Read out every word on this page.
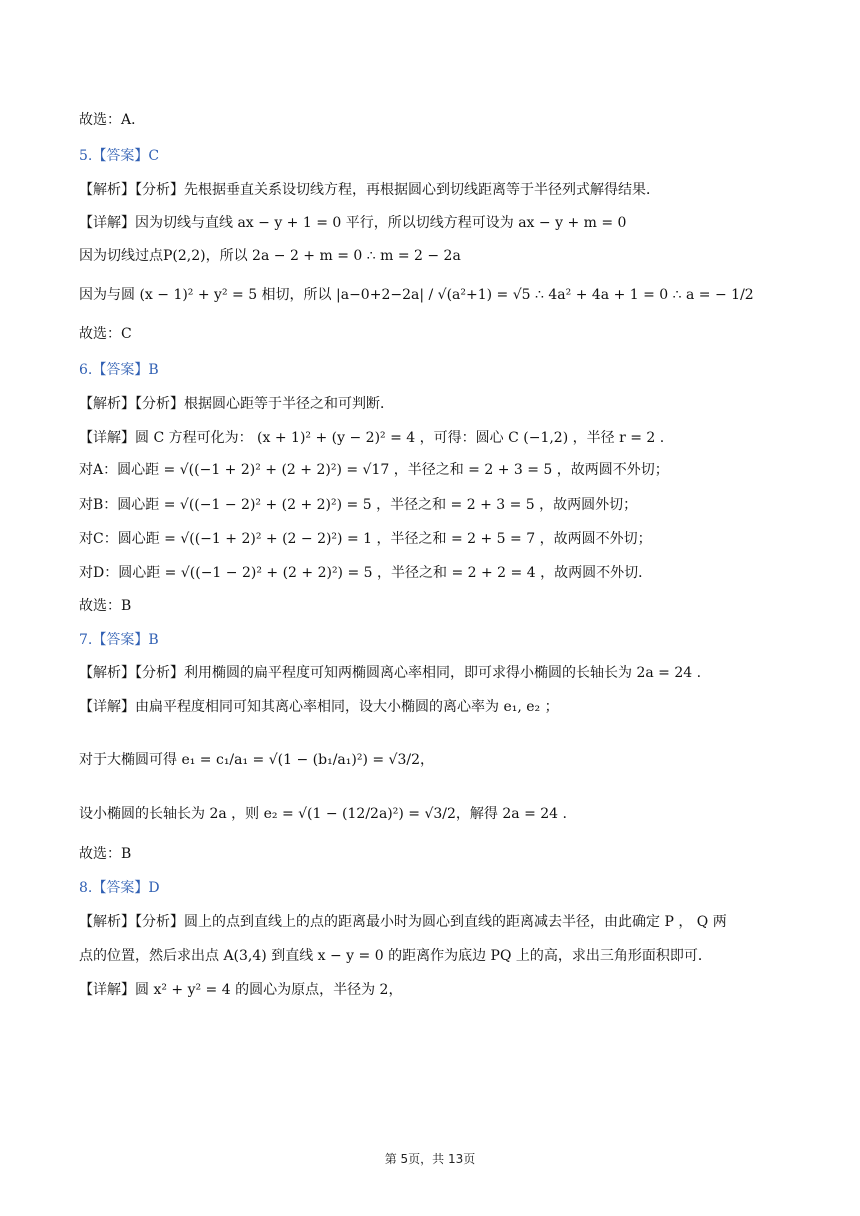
故选：A．
5.【答案】C
【解析】【分析】先根据垂直关系设切线方程，再根据圆心到切线距离等于半径列式解得结果．
【详解】因为切线与直线 ax − y + 1 = 0 平行，所以切线方程可设为 ax − y + m = 0
因为切线过点P(2,2)，所以 2a − 2 + m = 0 ∴ m = 2 − 2a
因为与圆 (x − 1)² + y² = 5 相切，所以 |a−0+2−2a| / √(a²+1) = √5 ∴ 4a² + 4a + 1 = 0 ∴ a = − 1/2
故选：C
6.【答案】B
【解析】【分析】根据圆心距等于半径之和可判断．
【详解】圆 C 方程可化为： (x + 1)² + (y − 2)² = 4 ，可得：圆心 C (−1,2) ，半径 r = 2 .
对A：圆心距 = √((−1 + 2)² + (2 + 2)²) = √17 ，半径之和 = 2 + 3 = 5 ，故两圆不外切；
对B：圆心距 = √((−1 − 2)² + (2 + 2)²) = 5 ，半径之和 = 2 + 3 = 5 ，故两圆外切；
对C：圆心距 = √((−1 + 2)² + (2 − 2)²) = 1 ，半径之和 = 2 + 5 = 7 ，故两圆不外切；
对D：圆心距 = √((−1 − 2)² + (2 + 2)²) = 5 ，半径之和 = 2 + 2 = 4 ，故两圆不外切．
故选：B
7.【答案】B
【解析】【分析】利用椭圆的扁平程度可知两椭圆离心率相同，即可求得小椭圆的长轴长为 2a = 24 .
【详解】由扁平程度相同可知其离心率相同，设大小椭圆的离心率为 e₁, e₂ ；
对于大椭圆可得 e₁ = c₁/a₁ = √(1 − (b₁/a₁)²) = √3/2，
设小椭圆的长轴长为 2a ，则 e₂ = √(1 − (12/2a)²) = √3/2，解得 2a = 24 .
故选：B
8.【答案】D
【解析】【分析】圆上的点到直线上的点的距离最小时为圆心到直线的距离减去半径，由此确定 P ， Q 两
点的位置，然后求出点 A(3,4) 到直线 x − y = 0 的距离作为底边 PQ 上的高，求出三角形面积即可．
【详解】圆 x² + y² = 4 的圆心为原点，半径为 2，
第 5页，共 13页
